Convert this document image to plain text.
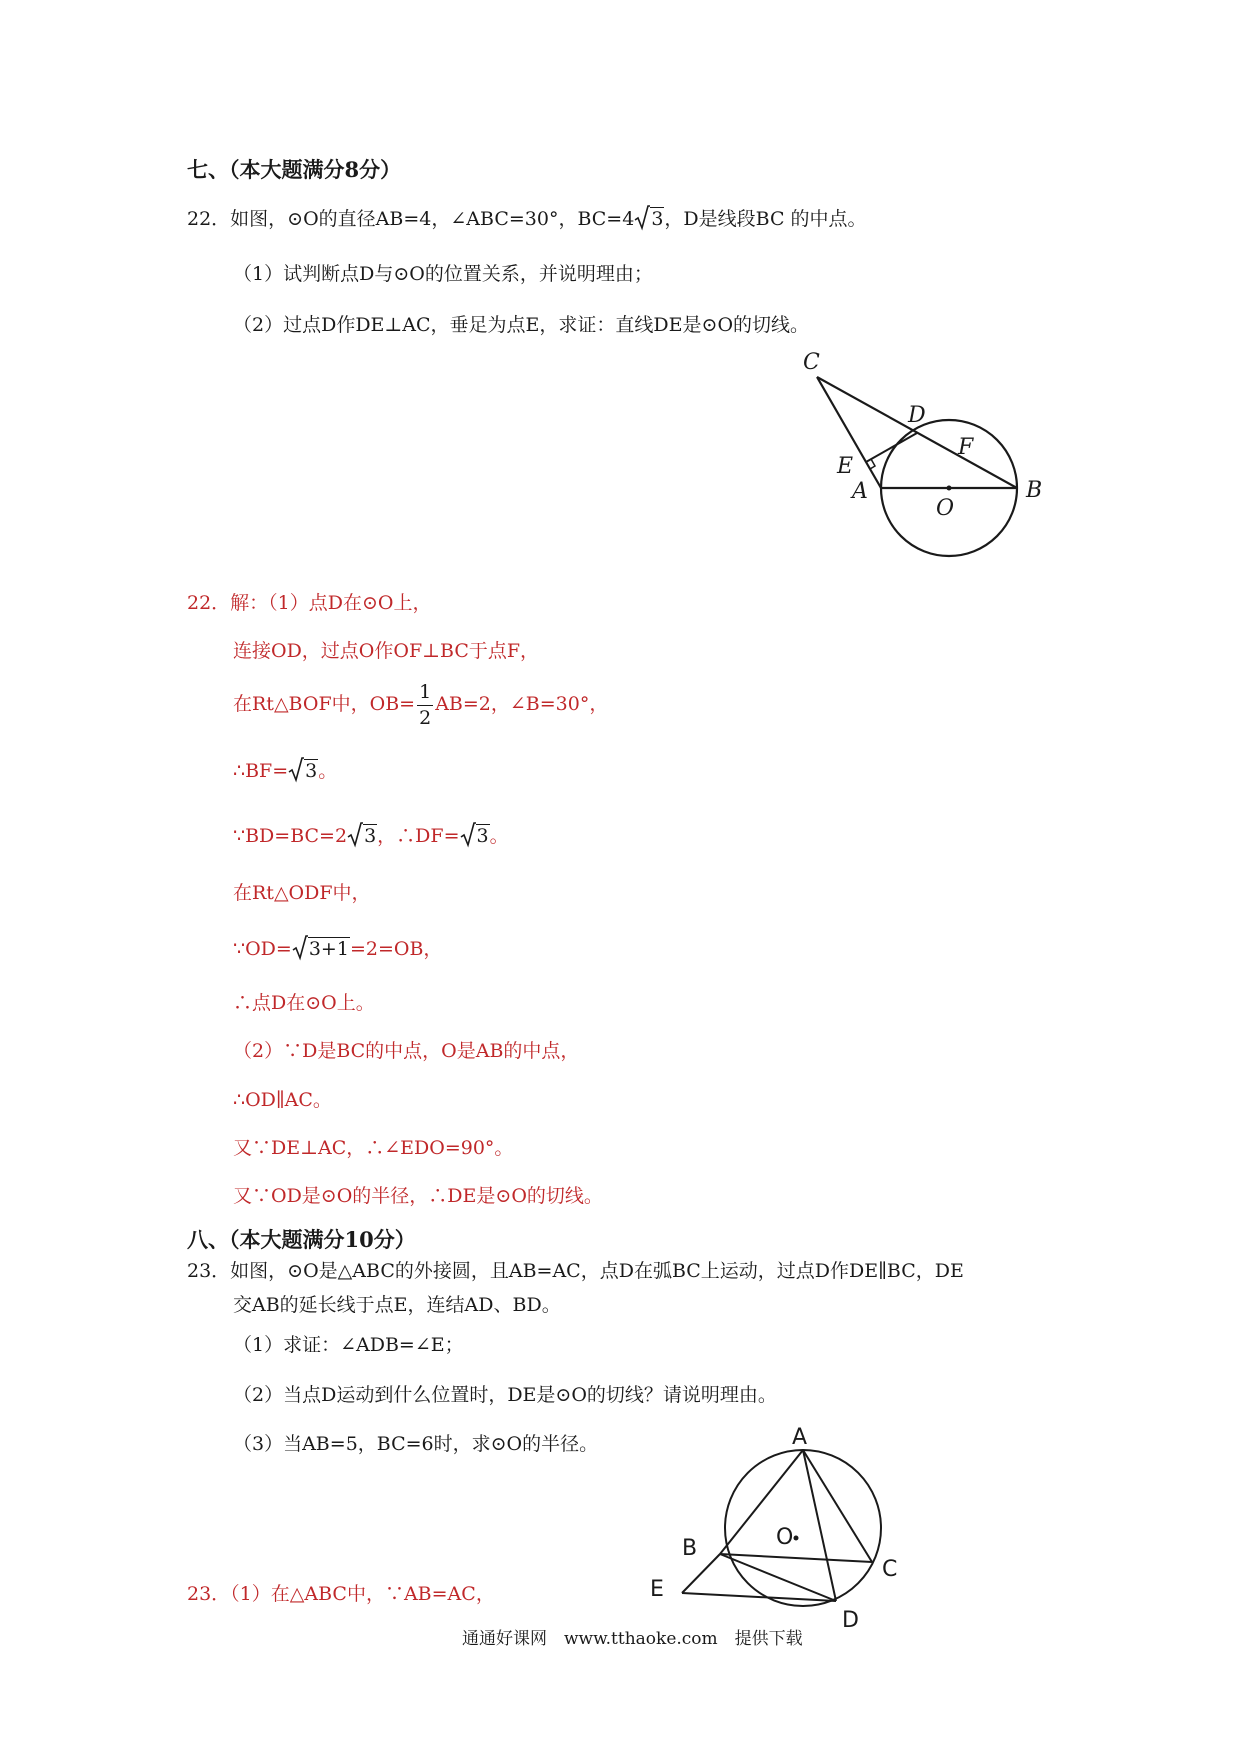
七、（本大题满分8分）
22．如图，⊙O的直径AB=4，∠ABC=30°，BC=4 3，D是线段BC 的中点。
（1）试判断点D与⊙O的位置关系，并说明理由；
（2）过点D作DE⊥AC，垂足为点E，求证：直线DE是⊙O的切线。
C
D
F
E
A
O
B
22．解：（1）点D在⊙O上，
连接OD，过点O作OF⊥BC于点F，
在Rt△BOF中，$OB= \frac{1}{2} AB=2$，∠B=30°，
∴BF= 3。
∵BD=BC=2 3，∴DF= 3。
在Rt△ODF中，
∵OD= 3+1=2=OB，
∴点D在⊙O上。
（2）∵D是BC的中点，O是AB的中点，
∴OD∥AC。
又∵DE⊥AC，∴∠EDO=90°。
又∵OD是⊙O的半径，∴DE是⊙O的切线。
八、（本大题满分10分）
23．如图，⊙O是△ABC的外接圆，且AB=AC，点D在弧BC上运动，过点D作DE∥BC，DE
交AB的延长线于点E，连结AD、BD。
（1）求证：∠ADB=∠E；
（2）当点D运动到什么位置时，DE是⊙O的切线？请说明理由。
（3）当AB=5，BC=6时，求⊙O的半径。	A
O
B
C
E
D
23．（1）在△ABC中，∵AB=AC，
通通好课网　www.tthaoke.com　提供下载
